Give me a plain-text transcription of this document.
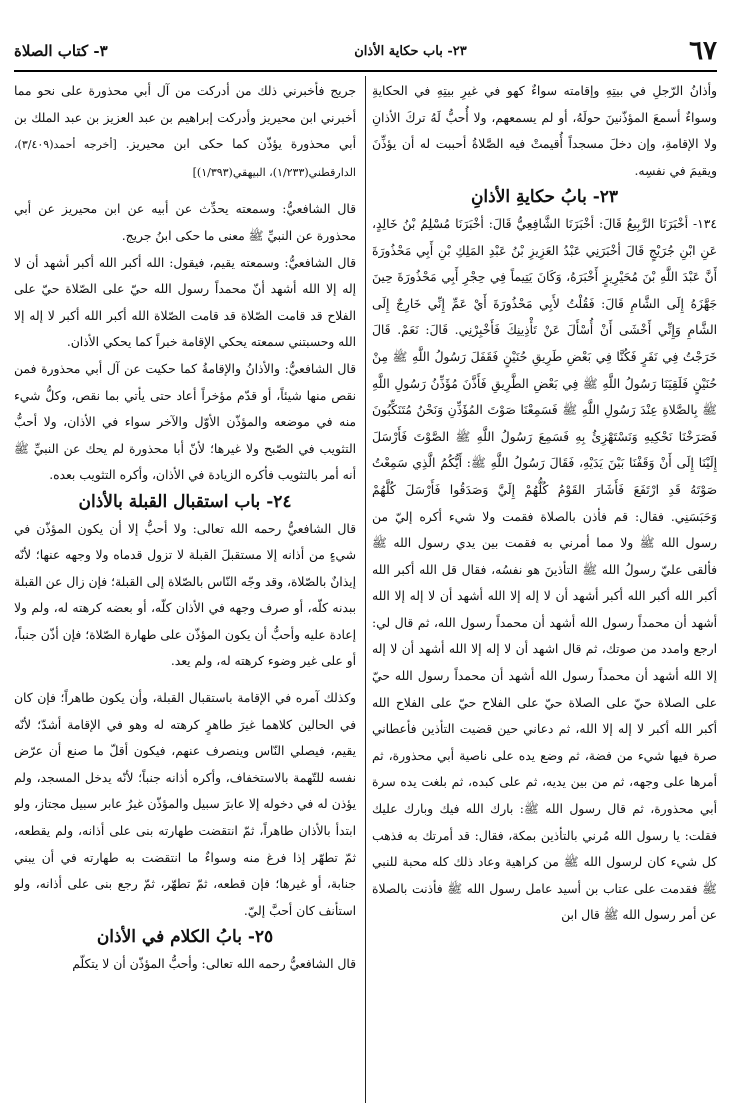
٦٧
٢٣- باب حكاية الأذان
٣- كتاب الصلاة

وأذانُ الرّجلِ في بيتِهِ وإقامته سواءٌ كهو في غيرِ بيتِهِ في الحكايةِ وسواءٌ أسمعَ المؤذّنينَ حولَهُ، أو لم يسمعهم، ولا أُحبُّ لَهُ تركَ الأذانِ ولا الإقامةِ، وإن دخلَ مسجداً أُقيمتْ فيه الصَّلاةُ أحببت له أن يؤذِّنَ ويقيمَ في نفسِه.

٢٣- بابُ حكايةِ الأذانِ

١٣٤- أخْبَرَنَا الرَّبِيعُ قَالَ: أخْبَرَنَا الشَّافِعِيُّ قَالَ: أخْبَرَنَا مُسْلِمُ بْنُ خَالِدٍ، عَنِ ابْنِ جُرَيْجٍ قَالَ أخْبَرَنِي عَبْدُ العَزِيزِ بْنُ عَبْدِ المَلِكِ بْنِ أَبِي مَحْذُورَةَ أَنَّ عَبْدَ اللَّهِ بْنَ مُحَيْرِيزٍ أَخْبَرَهُ، وَكَانَ يَتِيماً فِي حِجْرِ أَبِي مَحْذُورَةَ حِينَ جَهَّزَهُ إِلَى الشَّامِ قَالَ: فَقُلْتُ لأَبِي مَحْذُورَةَ أَيْ عَمِّ إِنِّي خَارِجٌ إِلَى الشَّامِ وَإِنِّي أَخْشَى أَنْ أُسْأَلَ عَنْ تَأْذِينِكَ فَأَخْبِرْنِي. قَالَ: نَعَمْ. قَالَ خَرَجْتُ فِي نَفَرٍ فَكُنَّا فِي بَعْضِ طَرِيقِ حُنَيْنٍ فَقَفَلَ رَسُولُ اللَّهِ ﷺ مِنْ حُنَيْنٍ فَلَقِيَنَا رَسُولُ اللَّهِ ﷺ فِي بَعْضِ الطَّرِيقِ فَأَذَّنَ مُؤَذِّنُ رَسُولِ اللَّهِ ﷺ بِالصَّلاةِ عِنْدَ رَسُولِ اللَّهِ ﷺ فَسَمِعْنَا صَوْتَ المُؤَذِّنِ وَنَحْنُ مُتَنَكِّبُونَ فَصَرَخْنَا نَحْكِيهِ وَنَسْتَهْزِئُ بِهِ فَسَمِعَ رَسُولُ اللَّهِ ﷺ الصَّوْتَ فَأَرْسَلَ إِلَيْنَا إِلَى أَنْ وَقَفْنَا بَيْنَ يَدَيْهِ، فَقَالَ رَسُولُ اللَّهِ ﷺ: أَيُّكُمُ الَّذِي سَمِعْتُ صَوْتَهُ قَدِ ارْتَفَعَ فَأَشَارَ القَوْمُ كُلُّهُمْ إِلَيَّ وَصَدَقُوا فَأَرْسَلَ كُلَّهُمْ وَحَبَسَنِي. فقال: قم فأذن بالصلاة فقمت ولا شيء أكره إليّ من رسول الله ﷺ ولا مما أمرني به فقمت بين يدي رسول الله ﷺ فألقى عليّ رسولُ الله ﷺ التأذينَ هو نفسُه، فقال قل الله أكبر الله أكبر الله أكبر الله أكبر أشهد أن لا إله إلا الله أشهد أن لا إله إلا الله أشهد أن محمداً رسول الله أشهد أن محمداً رسول الله، ثم قال لي: ارجع وامدد من صوتك، ثم قال اشهد أن لا إله إلا الله أشهد أن لا إله إلا الله أشهد أن محمداً رسول الله أشهد أن محمداً رسول الله حيّ على الصلاة حيّ على الصلاة حيّ على الفلاح حيّ على الفلاح الله أكبر الله أكبر لا إله إلا الله، ثم دعاني حين قضيت التأذين فأعطاني صرة فيها شيء من فضة، ثم وضع يده على ناصية أبي محذورة، ثم أمرها على وجهه، ثم من بين يديه، ثم على كبده، ثم بلغت يده سرة أبي محذورة، ثم قال رسول الله ﷺ: بارك الله فيك وبارك عليك فقلت: يا رسول الله مُرني بالتأذين بمكة، فقال: قد أمرتك به فذهب كل شيء كان لرسول الله ﷺ من كراهية وعاد ذلك كله محبة للنبي ﷺ فقدمت على عتاب بن أسيد عامل رسول الله ﷺ فأذنت بالصلاة عن أمر رسول الله ﷺ قال ابن

جريج فأخبرني ذلك من أدركت من آل أبي محذورة على نحو مما أخبرني ابن محيريز وأدركت إبراهيم بن عبد العزيز بن عبد الملك بن أبي محذورة يؤذّن كما حكى ابن محيريز. [أخرجه أحمد(٣/٤٠٩)، الدارقطني(١/٢٣٣)، البيهقي(١/٣٩٣)]

قال الشافعيُّ: وسمعته يحدِّث عن أبيه عن ابن محيريز عن أبي محذورة عن النبيِّ ﷺ معنى ما حكى ابنُ جريج.

قال الشافعيُّ: وسمعته يقيم، فيقول: الله أكبر الله أكبر أشهد أن لا إله إلا الله أشهد أنّ محمداً رسول الله حيّ على الصّلاة حيّ على الفلاح قد قامت الصّلاة قد قامت الصّلاة الله أكبر الله أكبر لا إله إلا الله وحسبتني سمعته يحكي الإقامة خبراً كما يحكي الأذان.

قال الشافعيُّ: والأذانُ والإقامةُ كما حكيت عن آل أبي محذورة فمن نقص منها شيئاً، أو قدّم مؤخراً أعاد حتى يأتي بما نقص، وكلُّ شيء منه في موضعه والمؤذّن الأوّل والآخر سواء في الأذان، ولا أحبُّ التثويب في الصّبح ولا غيرها؛ لأنّ أبا محذورة لم يحك عن النبيِّ ﷺ أنه أمر بالتثويب فأكره الزيادة في الأذان، وأكره التثويب بعده.

٢٤- باب استقبال القبلة بالأذان

قال الشافعيُّ رحمه الله تعالى: ولا أحبُّ إلا أن يكون المؤذّن في شيءٍ من أذانه إلا مستقبلَ القبلة لا تزول قدماه ولا وجهه عنها؛ لأنّه إيذانٌ بالصّلاة، وقد وجّه النّاس بالصّلاة إلى القبلة؛ فإن زال عن القبلة ببدنه كلّه، أو صرف وجهه في الأذان كلّه، أو بعضه كرهته له، ولم ولا إعادة عليه وأحبُّ أن يكون المؤذّن على طهارة الصّلاة؛ فإن أذّن جنباً، أو على غير وضوء كرهته له، ولم يعد.

وكذلك آمره في الإقامة باستقبال القبلة، وأن يكون طاهراً؛ فإن كان في الحالين كلاهما غيرَ طاهرٍ كرهته له وهو في الإقامة أشدّ؛ لأنّه يقيم، فيصلي النّاس وينصرف عنهم، فيكون أقلّ ما صنع أن عرّض نفسه للتّهمة بالاستخفاف، وأكره أذانه جنباً؛ لأنّه يدخل المسجد، ولم يؤذن له في دخوله إلا عابرَ سبيل والمؤذّن غيرُ عابر سبيل مجتاز، ولو ابتدأ بالأذان طاهراً، ثمّ انتقضت طهارته بنى على أذانه، ولم يقطعه، ثمّ تطهّر إذا فرغ منه وسواءٌ ما انتقضت به طهارته في أن يبني جنابة، أو غيرها؛ فإن قطعه، ثمّ تطهّر، ثمّ رجع بنى على أذانه، ولو استأنف كان أحبَّ إليّ.

٢٥- بابُ الكلام في الأذان

قال الشافعيُّ رحمه الله تعالى: وأحبُّ المؤذّن أن لا يتكلّم
